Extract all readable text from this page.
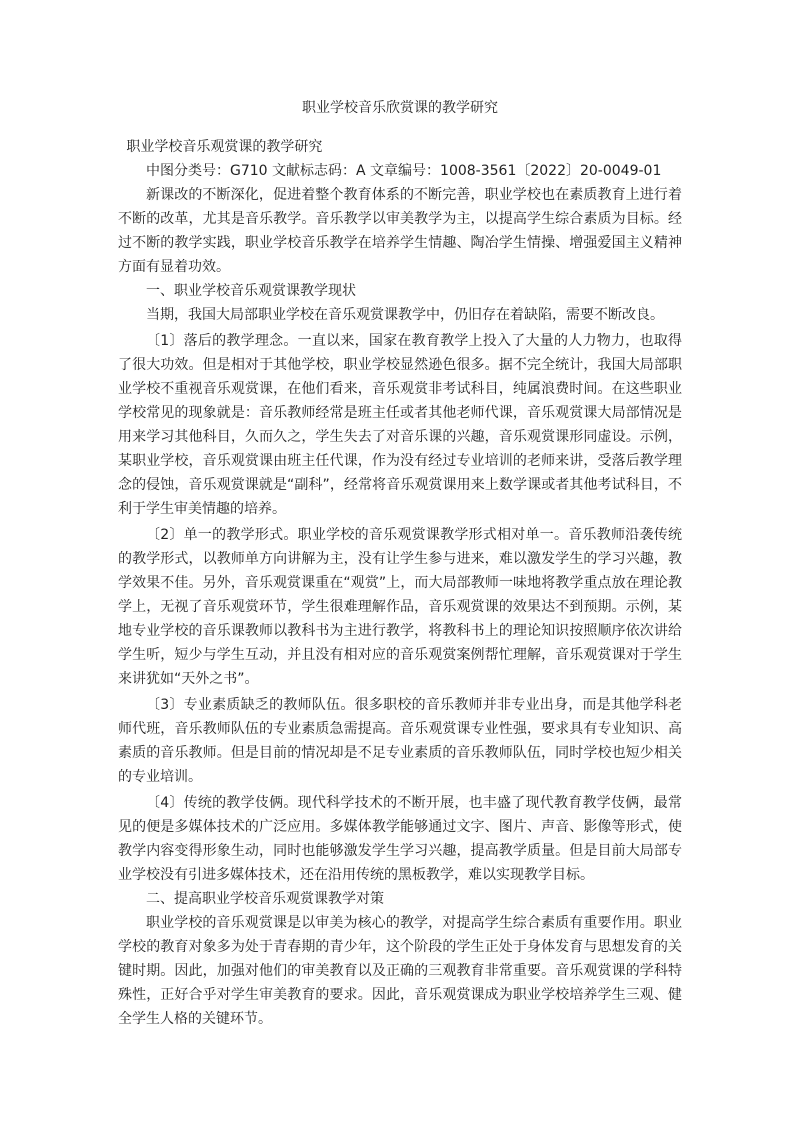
职业学校音乐欣赏课的教学研究

职业学校音乐观赏课的教学研究

中图分类号：G710 文献标志码：A 文章编号：1008-3561〔2022〕20-0049-01

新课改的不断深化，促进着整个教育体系的不断完善，职业学校也在素质教育上进行着不断的改革，尤其是音乐教学。音乐教学以审美教学为主，以提高学生综合素质为目标。经过不断的教学实践，职业学校音乐教学在培养学生情趣、陶冶学生情操、增强爱国主义精神方面有显着功效。

一、职业学校音乐观赏课教学现状

当期，我国大局部职业学校在音乐观赏课教学中，仍旧存在着缺陷，需要不断改良。

〔1〕落后的教学理念。一直以来，国家在教育教学上投入了大量的人力物力，也取得了很大功效。但是相对于其他学校，职业学校显然逊色很多。据不完全统计，我国大局部职业学校不重视音乐观赏课，在他们看来，音乐观赏非考试科目，纯属浪费时间。在这些职业学校常见的现象就是：音乐教师经常是班主任或者其他老师代课，音乐观赏课大局部情况是用来学习其他科目，久而久之，学生失去了对音乐课的兴趣，音乐观赏课形同虚设。示例，某职业学校，音乐观赏课由班主任代课，作为没有经过专业培训的老师来讲，受落后教学理念的侵蚀，音乐观赏课就是“副科”，经常将音乐观赏课用来上数学课或者其他考试科目，不利于学生审美情趣的培养。

〔2〕单一的教学形式。职业学校的音乐观赏课教学形式相对单一。音乐教师沿袭传统的教学形式，以教师单方向讲解为主，没有让学生参与进来，难以激发学生的学习兴趣，教学效果不佳。另外，音乐观赏课重在“观赏”上，而大局部教师一味地将教学重点放在理论教学上，无视了音乐观赏环节，学生很难理解作品，音乐观赏课的效果达不到预期。示例，某地专业学校的音乐课教师以教科书为主进行教学，将教科书上的理论知识按照顺序依次讲给学生听，短少与学生互动，并且没有相对应的音乐观赏案例帮忙理解，音乐观赏课对于学生来讲犹如“天外之书”。

〔3〕专业素质缺乏的教师队伍。很多职校的音乐教师并非专业出身，而是其他学科老师代班，音乐教师队伍的专业素质急需提高。音乐观赏课专业性强，要求具有专业知识、高素质的音乐教师。但是目前的情况却是不足专业素质的音乐教师队伍，同时学校也短少相关的专业培训。

〔4〕传统的教学伎俩。现代科学技术的不断开展，也丰盛了现代教育教学伎俩，最常见的便是多媒体技术的广泛应用。多媒体教学能够通过文字、图片、声音、影像等形式，使教学内容变得形象生动，同时也能够激发学生学习兴趣，提高教学质量。但是目前大局部专业学校没有引进多媒体技术，还在沿用传统的黑板教学，难以实现教学目标。

二、提高职业学校音乐观赏课教学对策

职业学校的音乐观赏课是以审美为核心的教学，对提高学生综合素质有重要作用。职业学校的教育对象多为处于青春期的青少年，这个阶段的学生正处于身体发育与思想发育的关键时期。因此，加强对他们的审美教育以及正确的三观教育非常重要。音乐观赏课的学科特殊性，正好合乎对学生审美教育的要求。因此，音乐观赏课成为职业学校培养学生三观、健全学生人格的关键环节。
